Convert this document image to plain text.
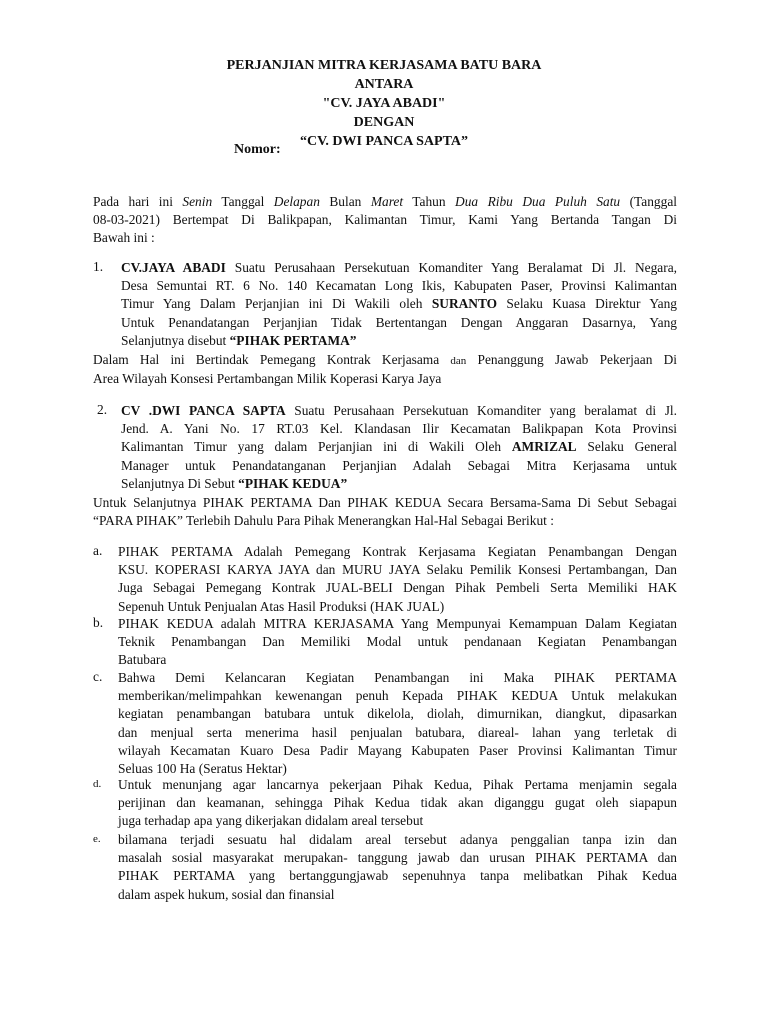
PERJANJIAN MITRA KERJASAMA BATU BARA
ANTARA
"CV. JAYA ABADI"
DENGAN
“CV. DWI PANCA SAPTA”
Nomor:

Pada hari ini Senin Tanggal Delapan Bulan Maret Tahun Dua Ribu Dua Puluh Satu (Tanggal

08-03-2021) Bertempat Di Balikpapan, Kalimantan Timur, Kami Yang Bertanda Tangan Di

Bawah ini :

1. CV.JAYA ABADI Suatu Perusahaan Persekutuan Komanditer Yang Beralamat Di Jl. Negara,

Desa Semuntai RT. 6 No. 140 Kecamatan Long Ikis, Kabupaten Paser, Provinsi Kalimantan

Timur Yang Dalam Perjanjian ini Di Wakili oleh SURANTO Selaku Kuasa Direktur Yang

Untuk Penandatangan Perjanjian Tidak Bertentangan Dengan Anggaran Dasarnya, Yang

Selanjutnya disebut “PIHAK PERTAMA”

Dalam Hal ini Bertindak Pemegang Kontrak Kerjasama dan Penanggung Jawab Pekerjaan Di

Area Wilayah Konsesi Pertambangan Milik Koperasi Karya Jaya

2. CV .DWI PANCA SAPTA Suatu Perusahaan Persekutuan Komanditer yang beralamat di Jl.

Jend. A. Yani No. 17 RT.03 Kel. Klandasan Ilir Kecamatan Balikpapan Kota Provinsi

Kalimantan Timur yang dalam Perjanjian ini di Wakili Oleh AMRIZAL Selaku General

Manager untuk Penandatanganan Perjanjian Adalah Sebagai Mitra Kerjasama untuk

Selanjutnya Di Sebut “PIHAK KEDUA”

Untuk Selanjutnya PIHAK PERTAMA Dan PIHAK KEDUA Secara Bersama-Sama Di Sebut Sebagai

“PARA PIHAK” Terlebih Dahulu Para Pihak Menerangkan Hal-Hal Sebagai Berikut :

a. PIHAK PERTAMA Adalah Pemegang Kontrak Kerjasama Kegiatan Penambangan Dengan

KSU. KOPERASI KARYA JAYA dan MURU JAYA Selaku Pemilik Konsesi Pertambangan, Dan

Juga Sebagai Pemegang Kontrak JUAL-BELI Dengan Pihak Pembeli Serta Memiliki HAK

Sepenuh Untuk Penjualan Atas Hasil Produksi (HAK JUAL)

b. PIHAK KEDUA adalah MITRA KERJASAMA Yang Mempunyai Kemampuan Dalam Kegiatan

Teknik Penambangan Dan Memiliki Modal untuk pendanaan Kegiatan Penambangan

Batubara

c. Bahwa Demi Kelancaran Kegiatan Penambangan ini Maka PIHAK PERTAMA

memberikan/melimpahkan kewenangan penuh Kepada PIHAK KEDUA Untuk melakukan

kegiatan penambangan batubara untuk dikelola, diolah, dimurnikan, diangkut, dipasarkan

dan menjual serta menerima hasil penjualan batubara, diareal- lahan yang terletak di

wilayah Kecamatan Kuaro Desa Padir Mayang Kabupaten Paser Provinsi Kalimantan Timur

Seluas 100 Ha (Seratus Hektar)

d. Untuk menunjang agar lancarnya pekerjaan Pihak Kedua, Pihak Pertama menjamin segala

perijinan dan keamanan, sehingga Pihak Kedua tidak akan diganggu gugat oleh siapapun

juga terhadap apa yang dikerjakan didalam areal tersebut

e. bilamana terjadi sesuatu hal didalam areal tersebut adanya penggalian tanpa izin dan

masalah sosial masyarakat merupakan- tanggung jawab dan urusan PIHAK PERTAMA dan

PIHAK PERTAMA yang bertanggungjawab sepenuhnya tanpa melibatkan Pihak Kedua

dalam aspek hukum, sosial dan finansial
